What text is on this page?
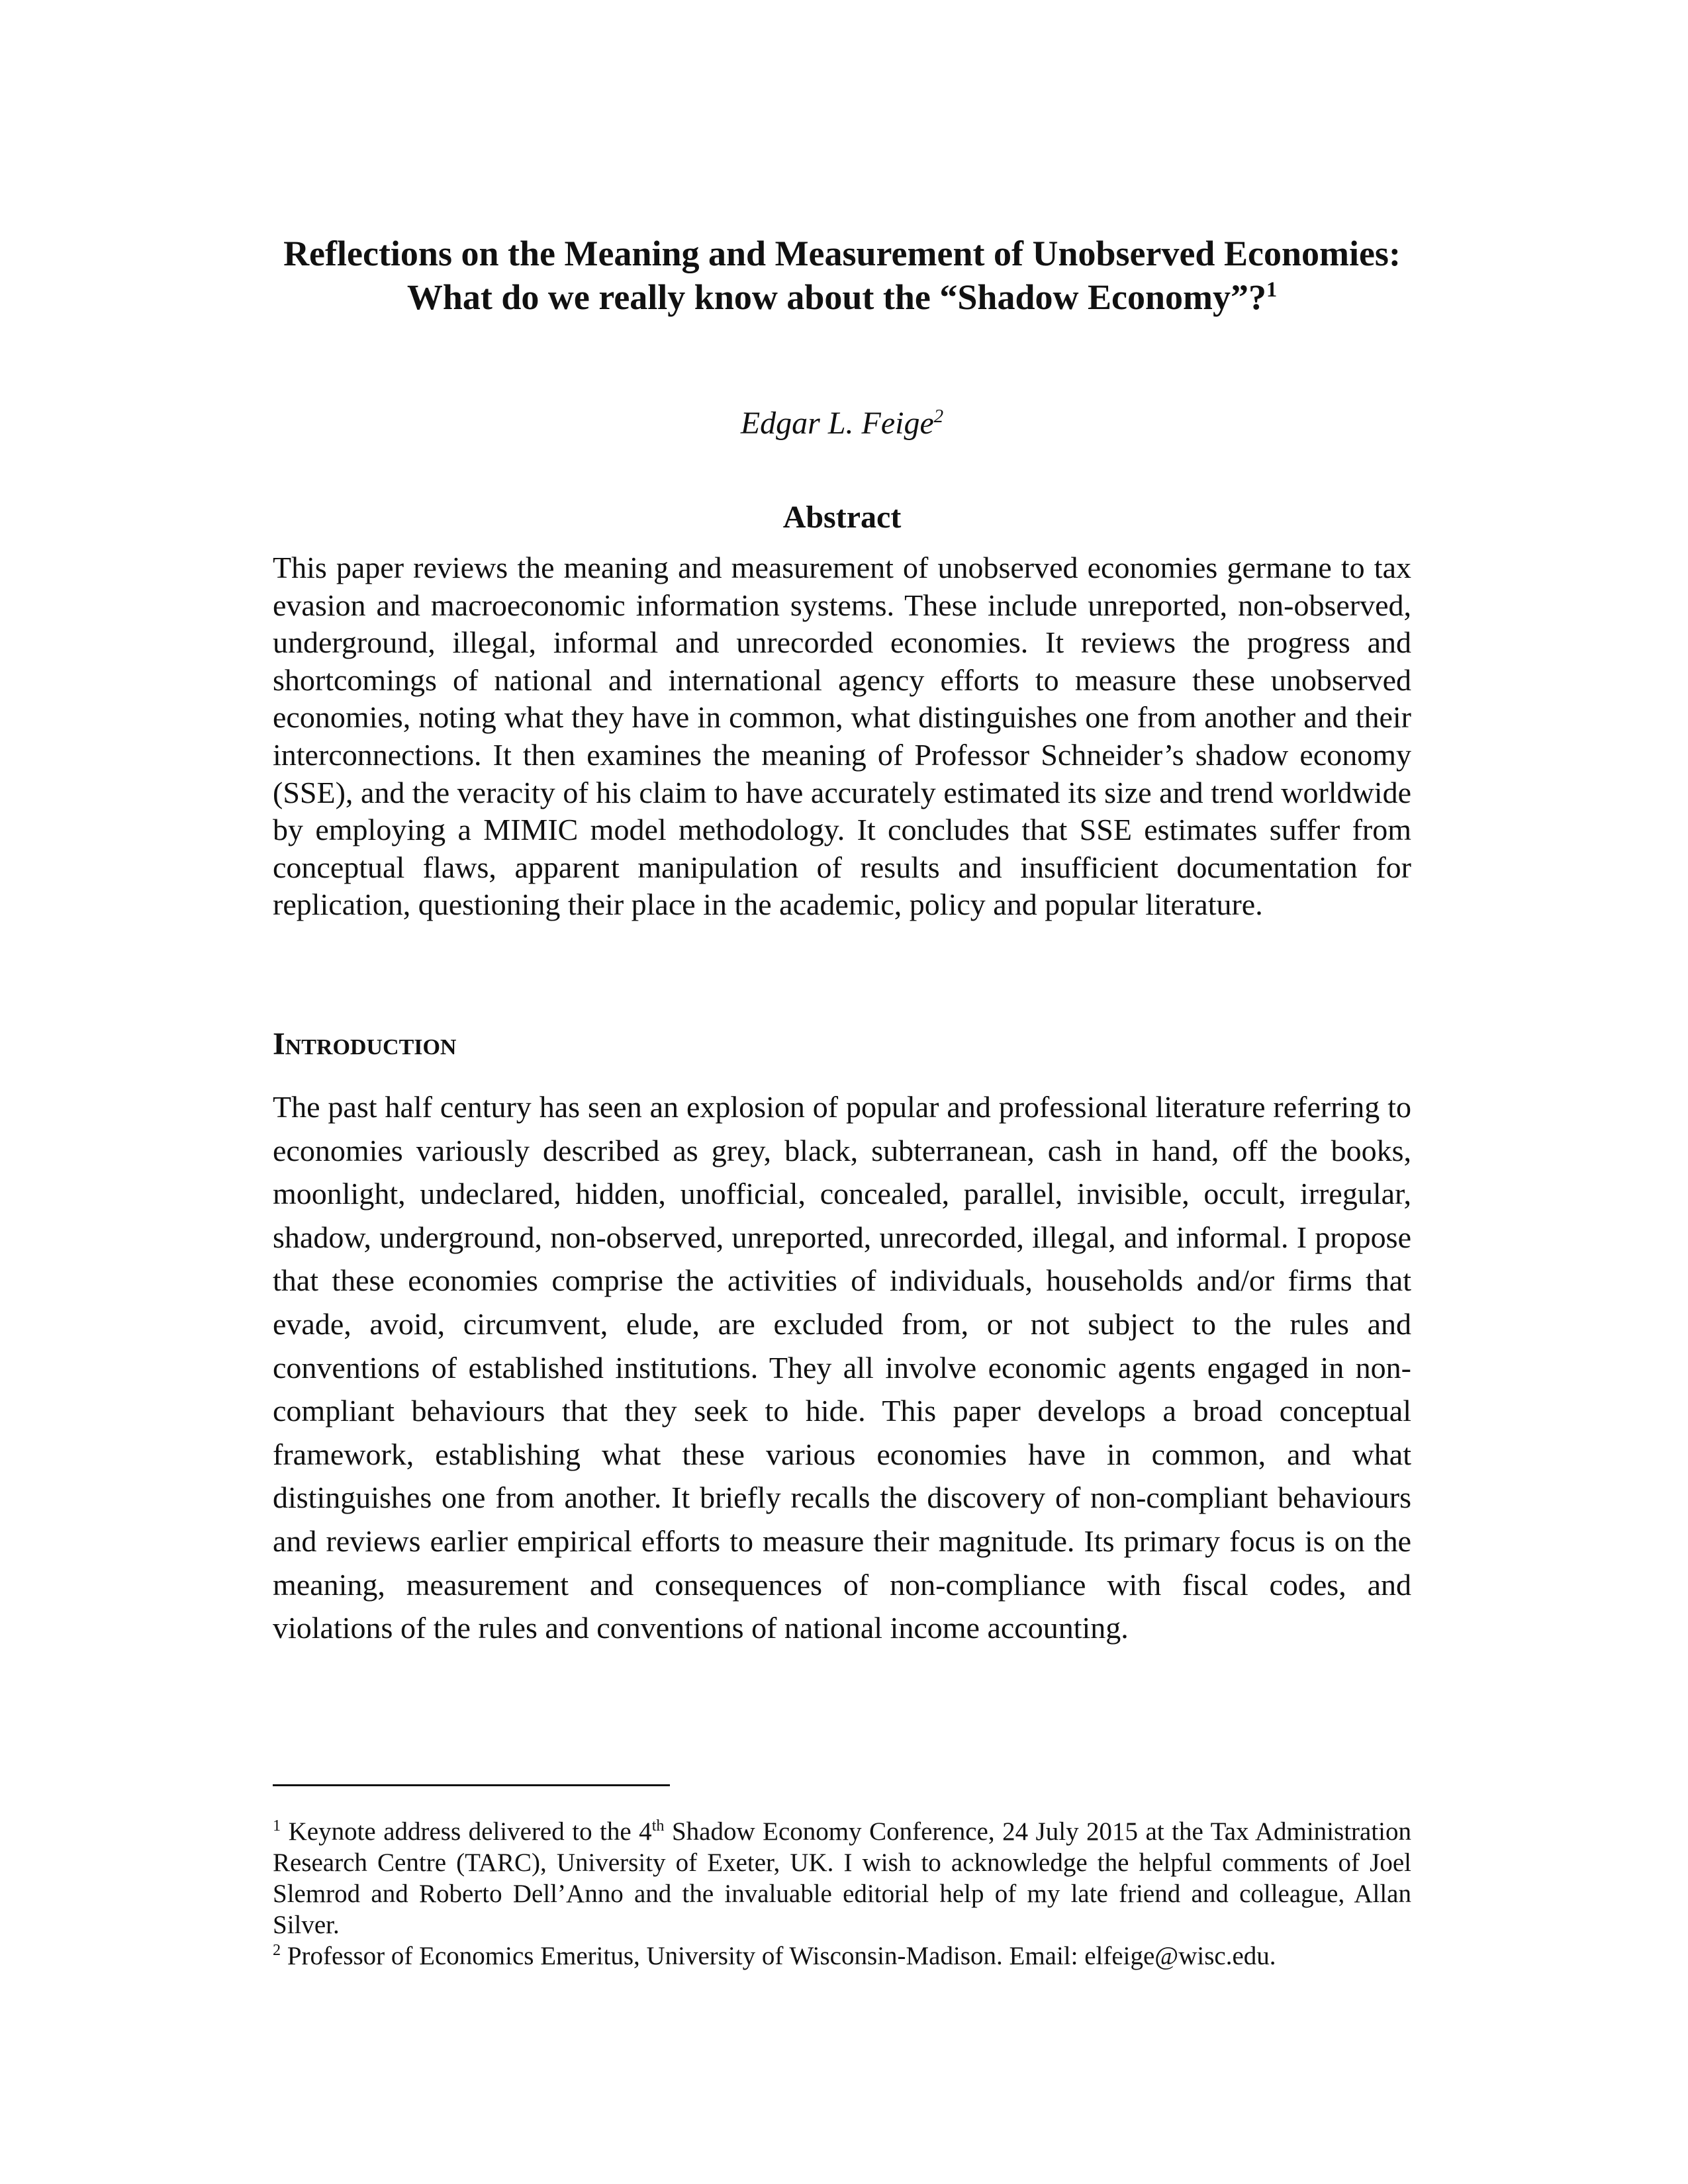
Reflections on the Meaning and Measurement of Unobserved Economies: What do we really know about the “Shadow Economy”?$^1$

Edgar L. Feige$^2$

Abstract

This paper reviews the meaning and measurement of unobserved economies germane to tax evasion and macroeconomic information systems. These include unreported, non-observed, underground, illegal, informal and unrecorded economies. It reviews the progress and shortcomings of national and international agency efforts to measure these unobserved economies, noting what they have in common, what distinguishes one from another and their interconnections. It then examines the meaning of Professor Schneider’s shadow economy (SSE), and the veracity of his claim to have accurately estimated its size and trend worldwide by employing a MIMIC model methodology. It concludes that SSE estimates suffer from conceptual flaws, apparent manipulation of results and insufficient documentation for replication, questioning their place in the academic, policy and popular literature.

Introduction

The past half century has seen an explosion of popular and professional literature referring to economies variously described as grey, black, subterranean, cash in hand, off the books, moonlight, undeclared, hidden, unofficial, concealed, parallel, invisible, occult, irregular, shadow, underground, non-observed, unreported, unrecorded, illegal, and informal. I propose that these economies comprise the activities of individuals, households and/or firms that evade, avoid, circumvent, elude, are excluded from, or not subject to the rules and conventions of established institutions. They all involve economic agents engaged in non-compliant behaviours that they seek to hide. This paper develops a broad conceptual framework, establishing what these various economies have in common, and what distinguishes one from another. It briefly recalls the discovery of non-compliant behaviours and reviews earlier empirical efforts to measure their magnitude. Its primary focus is on the meaning, measurement and consequences of non-compliance with fiscal codes, and violations of the rules and conventions of national income accounting.

$^1$ Keynote address delivered to the 4th Shadow Economy Conference, 24 July 2015 at the Tax Administration Research Centre (TARC), University of Exeter, UK. I wish to acknowledge the helpful comments of Joel Slemrod and Roberto Dell’Anno and the invaluable editorial help of my late friend and colleague, Allan Silver.

$^2$ Professor of Economics Emeritus, University of Wisconsin-Madison. Email: elfeige@wisc.edu.
